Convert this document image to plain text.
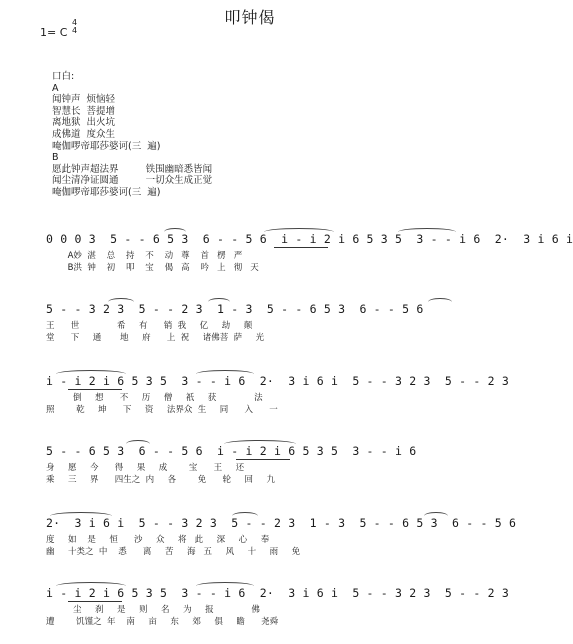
叩钟偈
1= C
4
4
口白:
A
闻钟声  烦恼轻
智慧长  菩提增
离地狱  出火坑
成佛道  度众生
唵伽啰帝耶莎婆诃(三  遍)
B
愿此钟声超法界         铁围幽暗悉皆闻
闻尘清净证圆通         一切众生成正觉
唵伽啰帝耶莎婆诃(三  遍)
0 0 0 3  5 - - 6 5 3  6 - - 5 6  i - i 2 i 6 5 3 5  3 - - i 6  2·  3 i 6 i
A妙  湛    总    持    不    动   尊    首   楞   严
B洪  钟    初    叩    宝    偈   高    吟   上   彻   天
5 - - 3 2 3  5 - - 2 3  1 - 3  5 - - 6 5 3  6 - - 5 6
王      世              希     有      销  我     亿     劫     颠
堂      下     通       地     府      上  祝     诸佛菩  萨     光
i - i 2 i 6 5 3 5  3 - - i 6  2·  3 i 6 i  5 - - 3 2 3  5 - - 2 3
倒     想      不     历     僧     祇     获              法
照        乾     坤      下     资     法界众  生     同      入      一
5 - - 6 5 3  6 - - 5 6  i - i 2 i 6 5 3 5  3 - - i 6
身     愿     今      得     果     成        宝      王     还
乘     三     界      四生之  内     各        免      轮     回     九
2·  3 i 6 i  5 - - 3 2 3  5 - - 2 3  1 - 3  5 - - 6 5 3  6 - - 5 6
度     如    是     恒      沙     众     将   此     深     心     奉
幽     十类之  中    悉      离     苦     海   五     风     十     雨     免
i - i 2 i 6 5 3 5  3 - - i 6  2·  3 i 6 i  5 - - 3 2 3  5 - - 2 3
尘     刹     是     则     名     为     报              佛
遭        饥馑之  年    南     亩     东     郊     俱     瞻      尧舜
